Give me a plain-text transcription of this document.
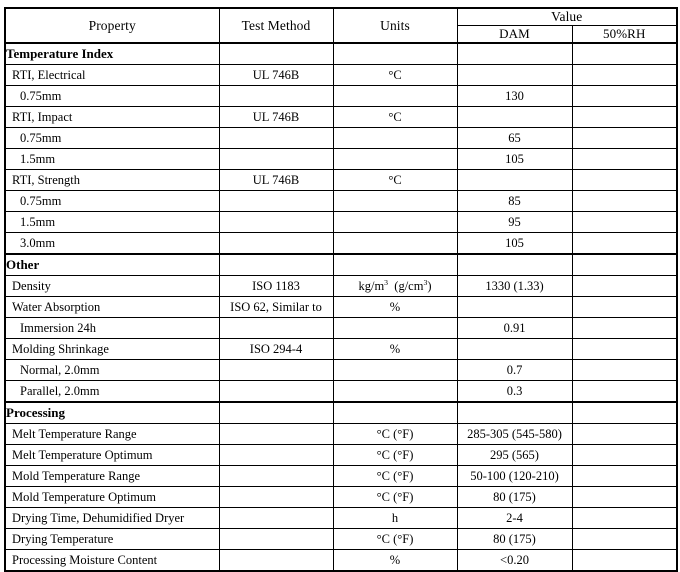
Property	Test Method	Units	Value	
			DAM	50%RH
Temperature Index				
RTI, Electrical	UL 746B	°C		
0.75mm			130	
RTI, Impact	UL 746B	°C		
0.75mm			65	
1.5mm			105	
RTI, Strength	UL 746B	°C		
0.75mm			85	
1.5mm			95	
3.0mm			105	
Other				
Density	ISO 1183	$kg/m^3$  $(g/cm^3)$	1330 (1.33)	
Water Absorption	ISO 62, Similar to	%		
Immersion 24h			0.91	
Molding Shrinkage	ISO 294-4	%		
Normal, 2.0mm			0.7	
Parallel, 2.0mm			0.3	
Processing				
Melt Temperature Range		°C (°F)	285-305 (545-580)	
Melt Temperature Optimum		°C (°F)	295 (565)	
Mold Temperature Range		°C (°F)	50-100 (120-210)	
Mold Temperature Optimum		°C (°F)	80 (175)	
Drying Time, Dehumidified Dryer		h	2-4	
Drying Temperature		°C (°F)	80 (175)	
Processing Moisture Content		%	<0.20	
